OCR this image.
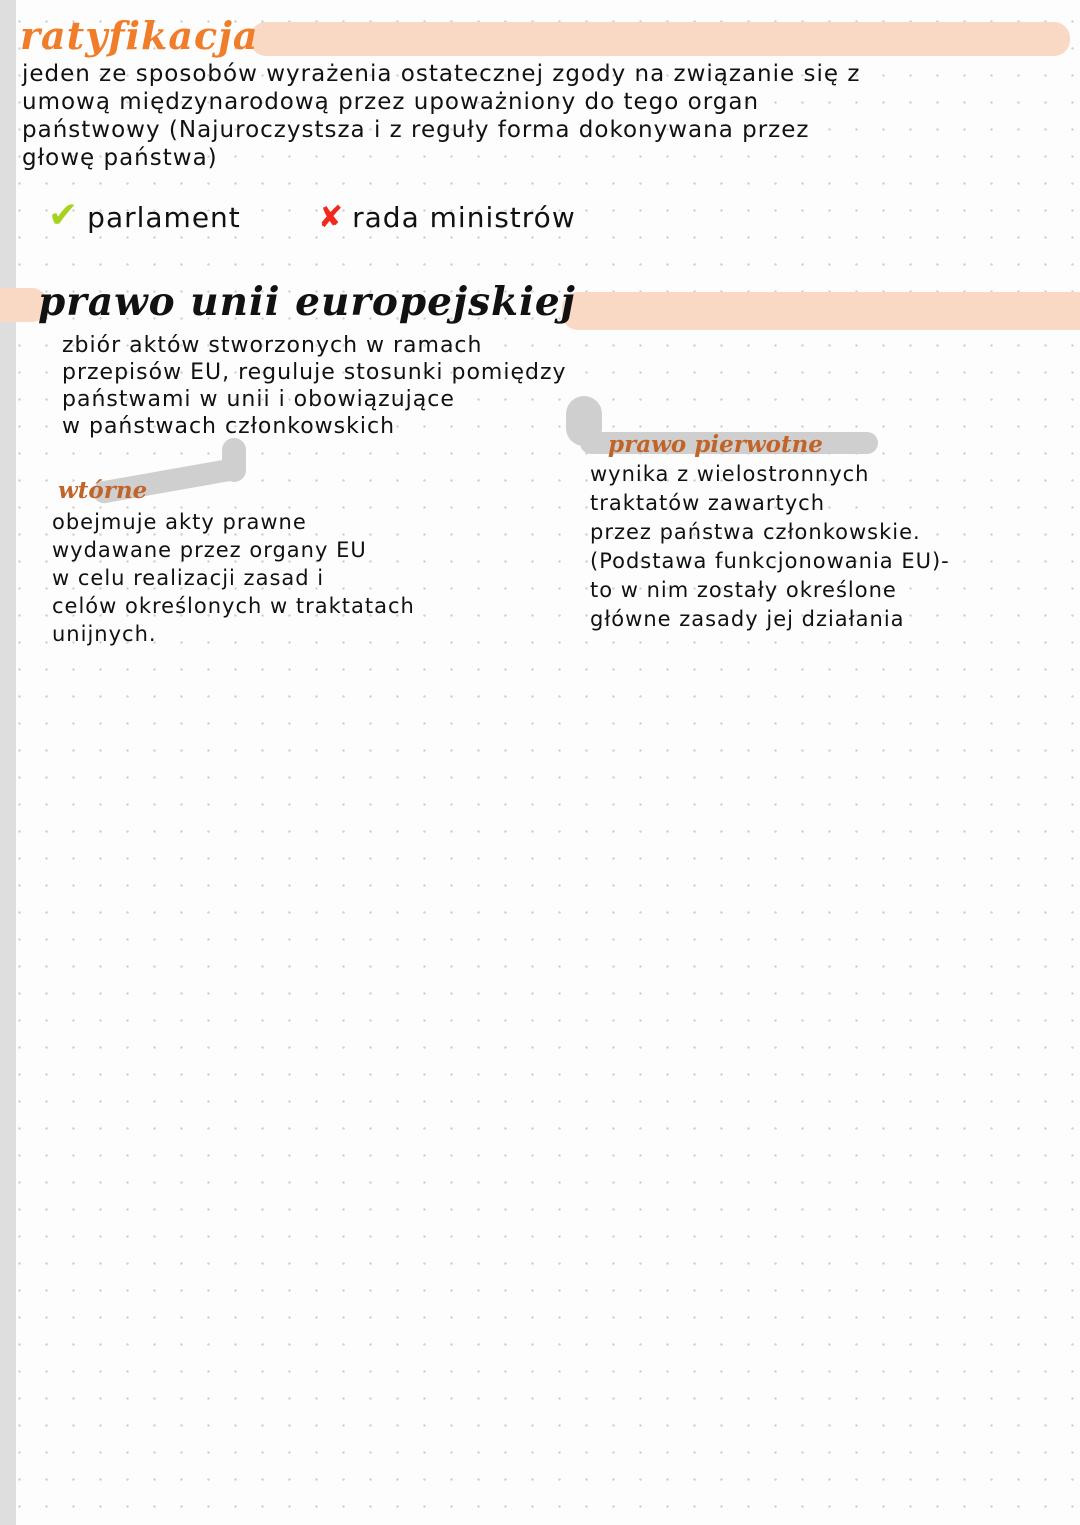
ratyfikacja
jeden ze sposobów wyrażenia ostatecznej zgody na związanie się z
umową międzynarodową przez upoważniony do tego organ
państwowy (Najuroczystsza i z reguły forma dokonywana przez
głowę państwa)
✔ parlament	✘ rada ministrów
prawo unii europejskiej
zbiór aktów stworzonych w ramach
przepisów EU, reguluje stosunki pomiędzy
państwami w unii i obowiązujące
w państwach członkowskich
wtórne
obejmuje akty prawne
wydawane przez organy EU
w celu realizacji zasad i
celów określonych w traktatach
unijnych.
prawo pierwotne
wynika z wielostronnych
traktatów zawartych
przez państwa członkowskie.
(Podstawa funkcjonowania EU)-
to w nim zostały określone
główne zasady jej działania
